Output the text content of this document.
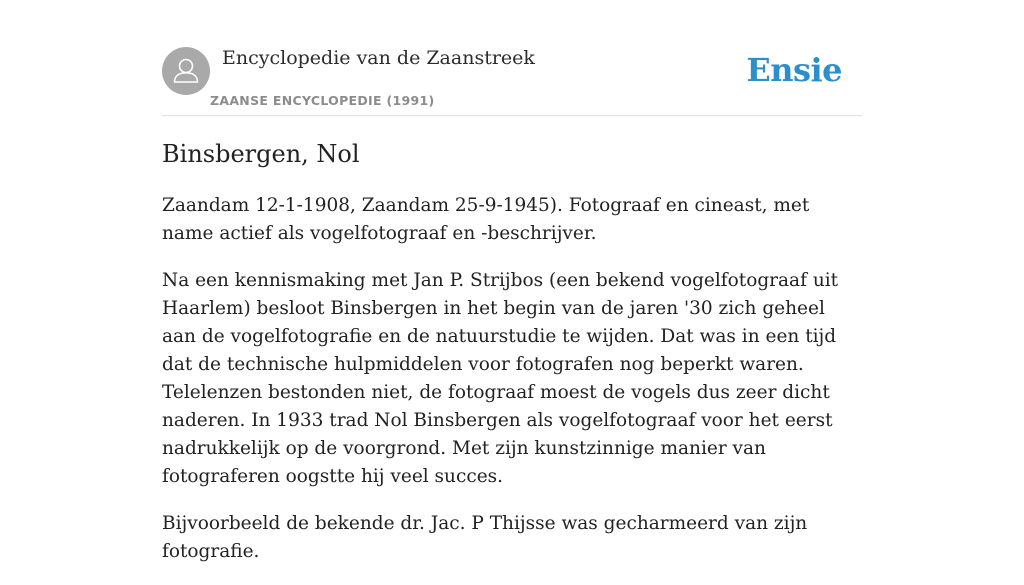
Encyclopedie van de Zaanstreek
ZAANSE ENCYCLOPEDIE (1991)
Ensie
Binsbergen, Nol

Zaandam 12-1-1908, Zaandam 25-9-1945). Fotograaf en cineast, met name actief als vogelfotograaf en -beschrijver.

Na een kennismaking met Jan P. Strijbos (een bekend vogelfotograaf uit Haarlem) besloot Binsbergen in het begin van de jaren '30 zich geheel aan de vogelfotografie en de natuurstudie te wijden. Dat was in een tijd dat de technische hulpmiddelen voor fotografen nog beperkt waren. Telelenzen bestonden niet, de fotograaf moest de vogels dus zeer dicht naderen. In 1933 trad Nol Binsbergen als vogelfotograaf voor het eerst nadrukkelijk op de voorgrond. Met zijn kunstzinnige manier van fotograferen oogstte hij veel succes.

Bijvoorbeeld de bekende dr. Jac. P Thijsse was gecharmeerd van zijn fotografie.
